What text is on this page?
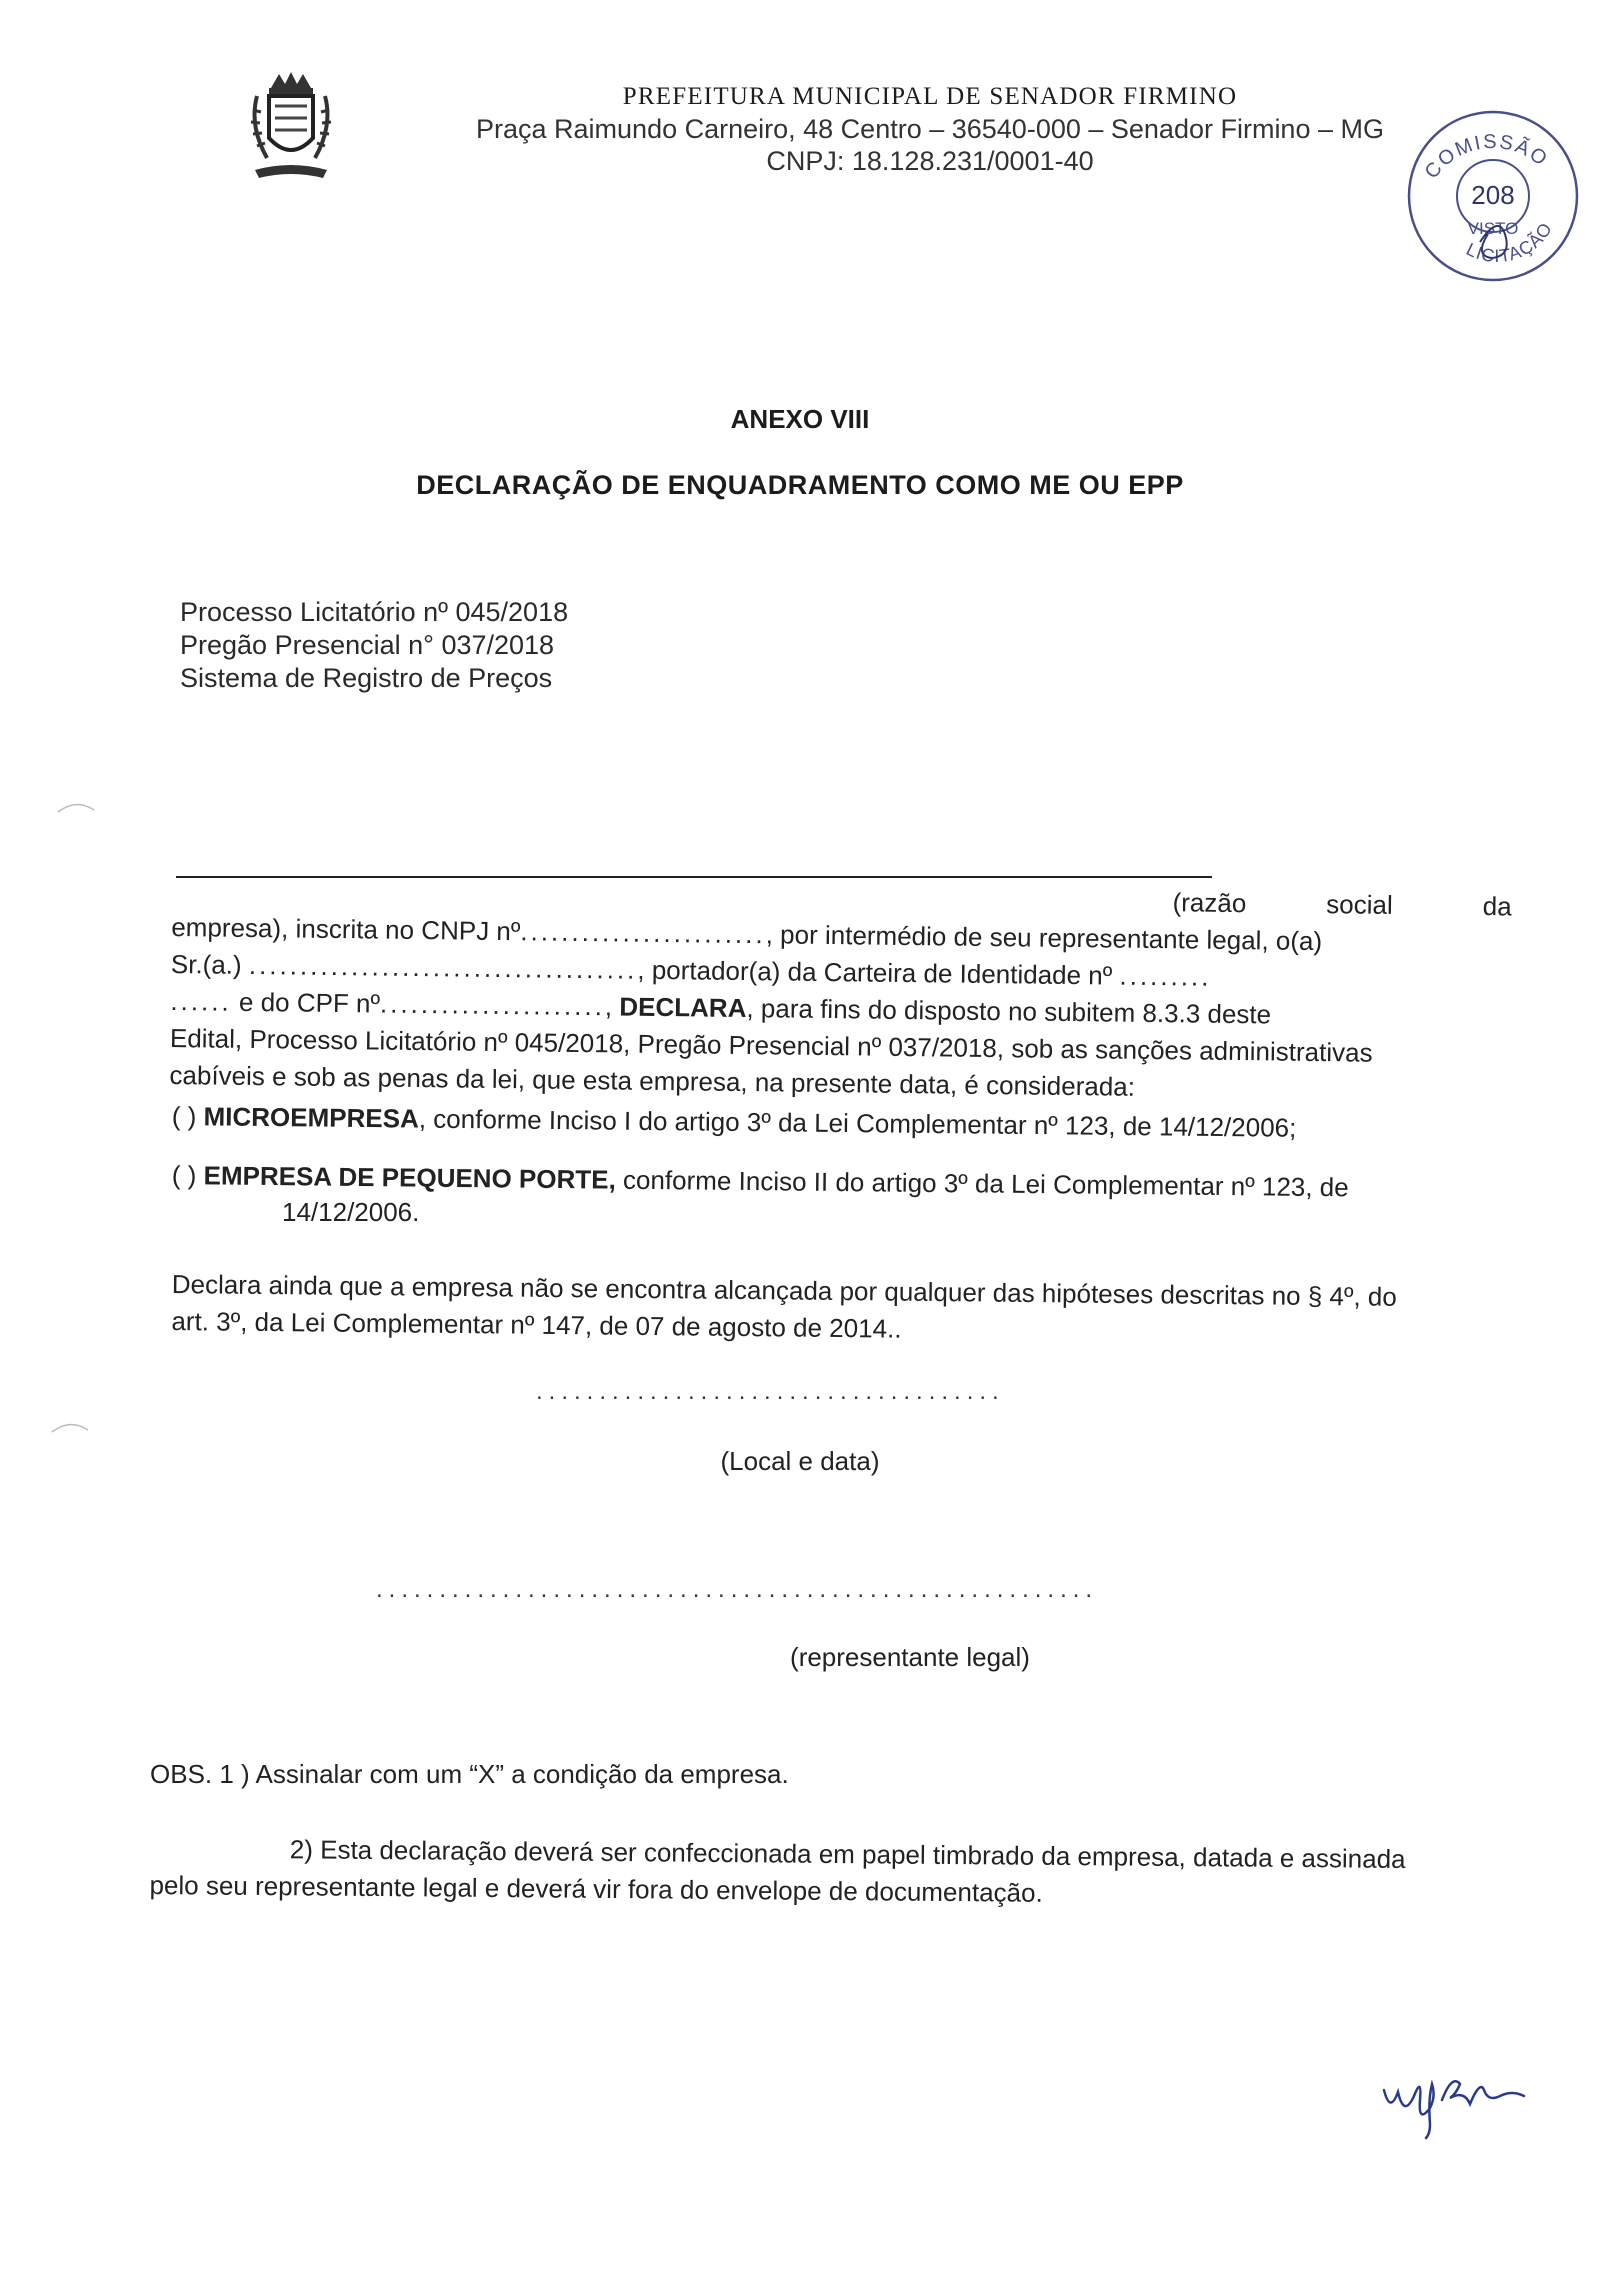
PREFEITURA MUNICIPAL DE SENADOR FIRMINO
Praça Raimundo Carneiro, 48 Centro – 36540-000 – Senador Firmino – MG
CNPJ: 18.128.231/0001-40	COMISSÃO
208
VISTO
LICITAÇÃO
ANEXO VIII
DECLARAÇÃO DE ENQUADRAMENTO COMO ME OU EPP
Processo Licitatório nº 045/2018
Pregão Presencial n° 037/2018
Sistema de Registro de Preços
(razão	social	da
empresa), inscrita no CNPJ nº ........................ , por intermédio de seu representante legal, o(a)
Sr.(a.)
...................................... , portador(a) da Carteira de Identidade nº
.........
......
e do CPF nº ...................... ,
DECLARA , para fins do disposto no subitem 8.3.3 deste
Edital, Processo Licitatório nº 045/2018, Pregão Presencial nº 037/2018, sob as sanções administrativas
cabíveis e sob as penas da lei, que esta empresa, na presente data, é considerada:
( ) MICROEMPRESA, conforme Inciso I do artigo 3º da Lei Complementar nº 123, de 14/12/2006;
( ) EMPRESA DE PEQUENO PORTE, conforme Inciso II do artigo 3º da Lei Complementar nº 123, de
14/12/2006.
Declara ainda que a empresa não se encontra alcançada por qualquer das hipóteses descritas no § 4º, do
art. 3º, da Lei Complementar nº 147, de 07 de agosto de 2014..
.....................................
(Local e data)
.........................................................
(representante legal)
OBS. 1 ) Assinalar com um “X” a condição da empresa.
2) Esta declaração deverá ser confeccionada em papel timbrado da empresa, datada e assinada
pelo seu representante legal e deverá vir fora do envelope de documentação.
